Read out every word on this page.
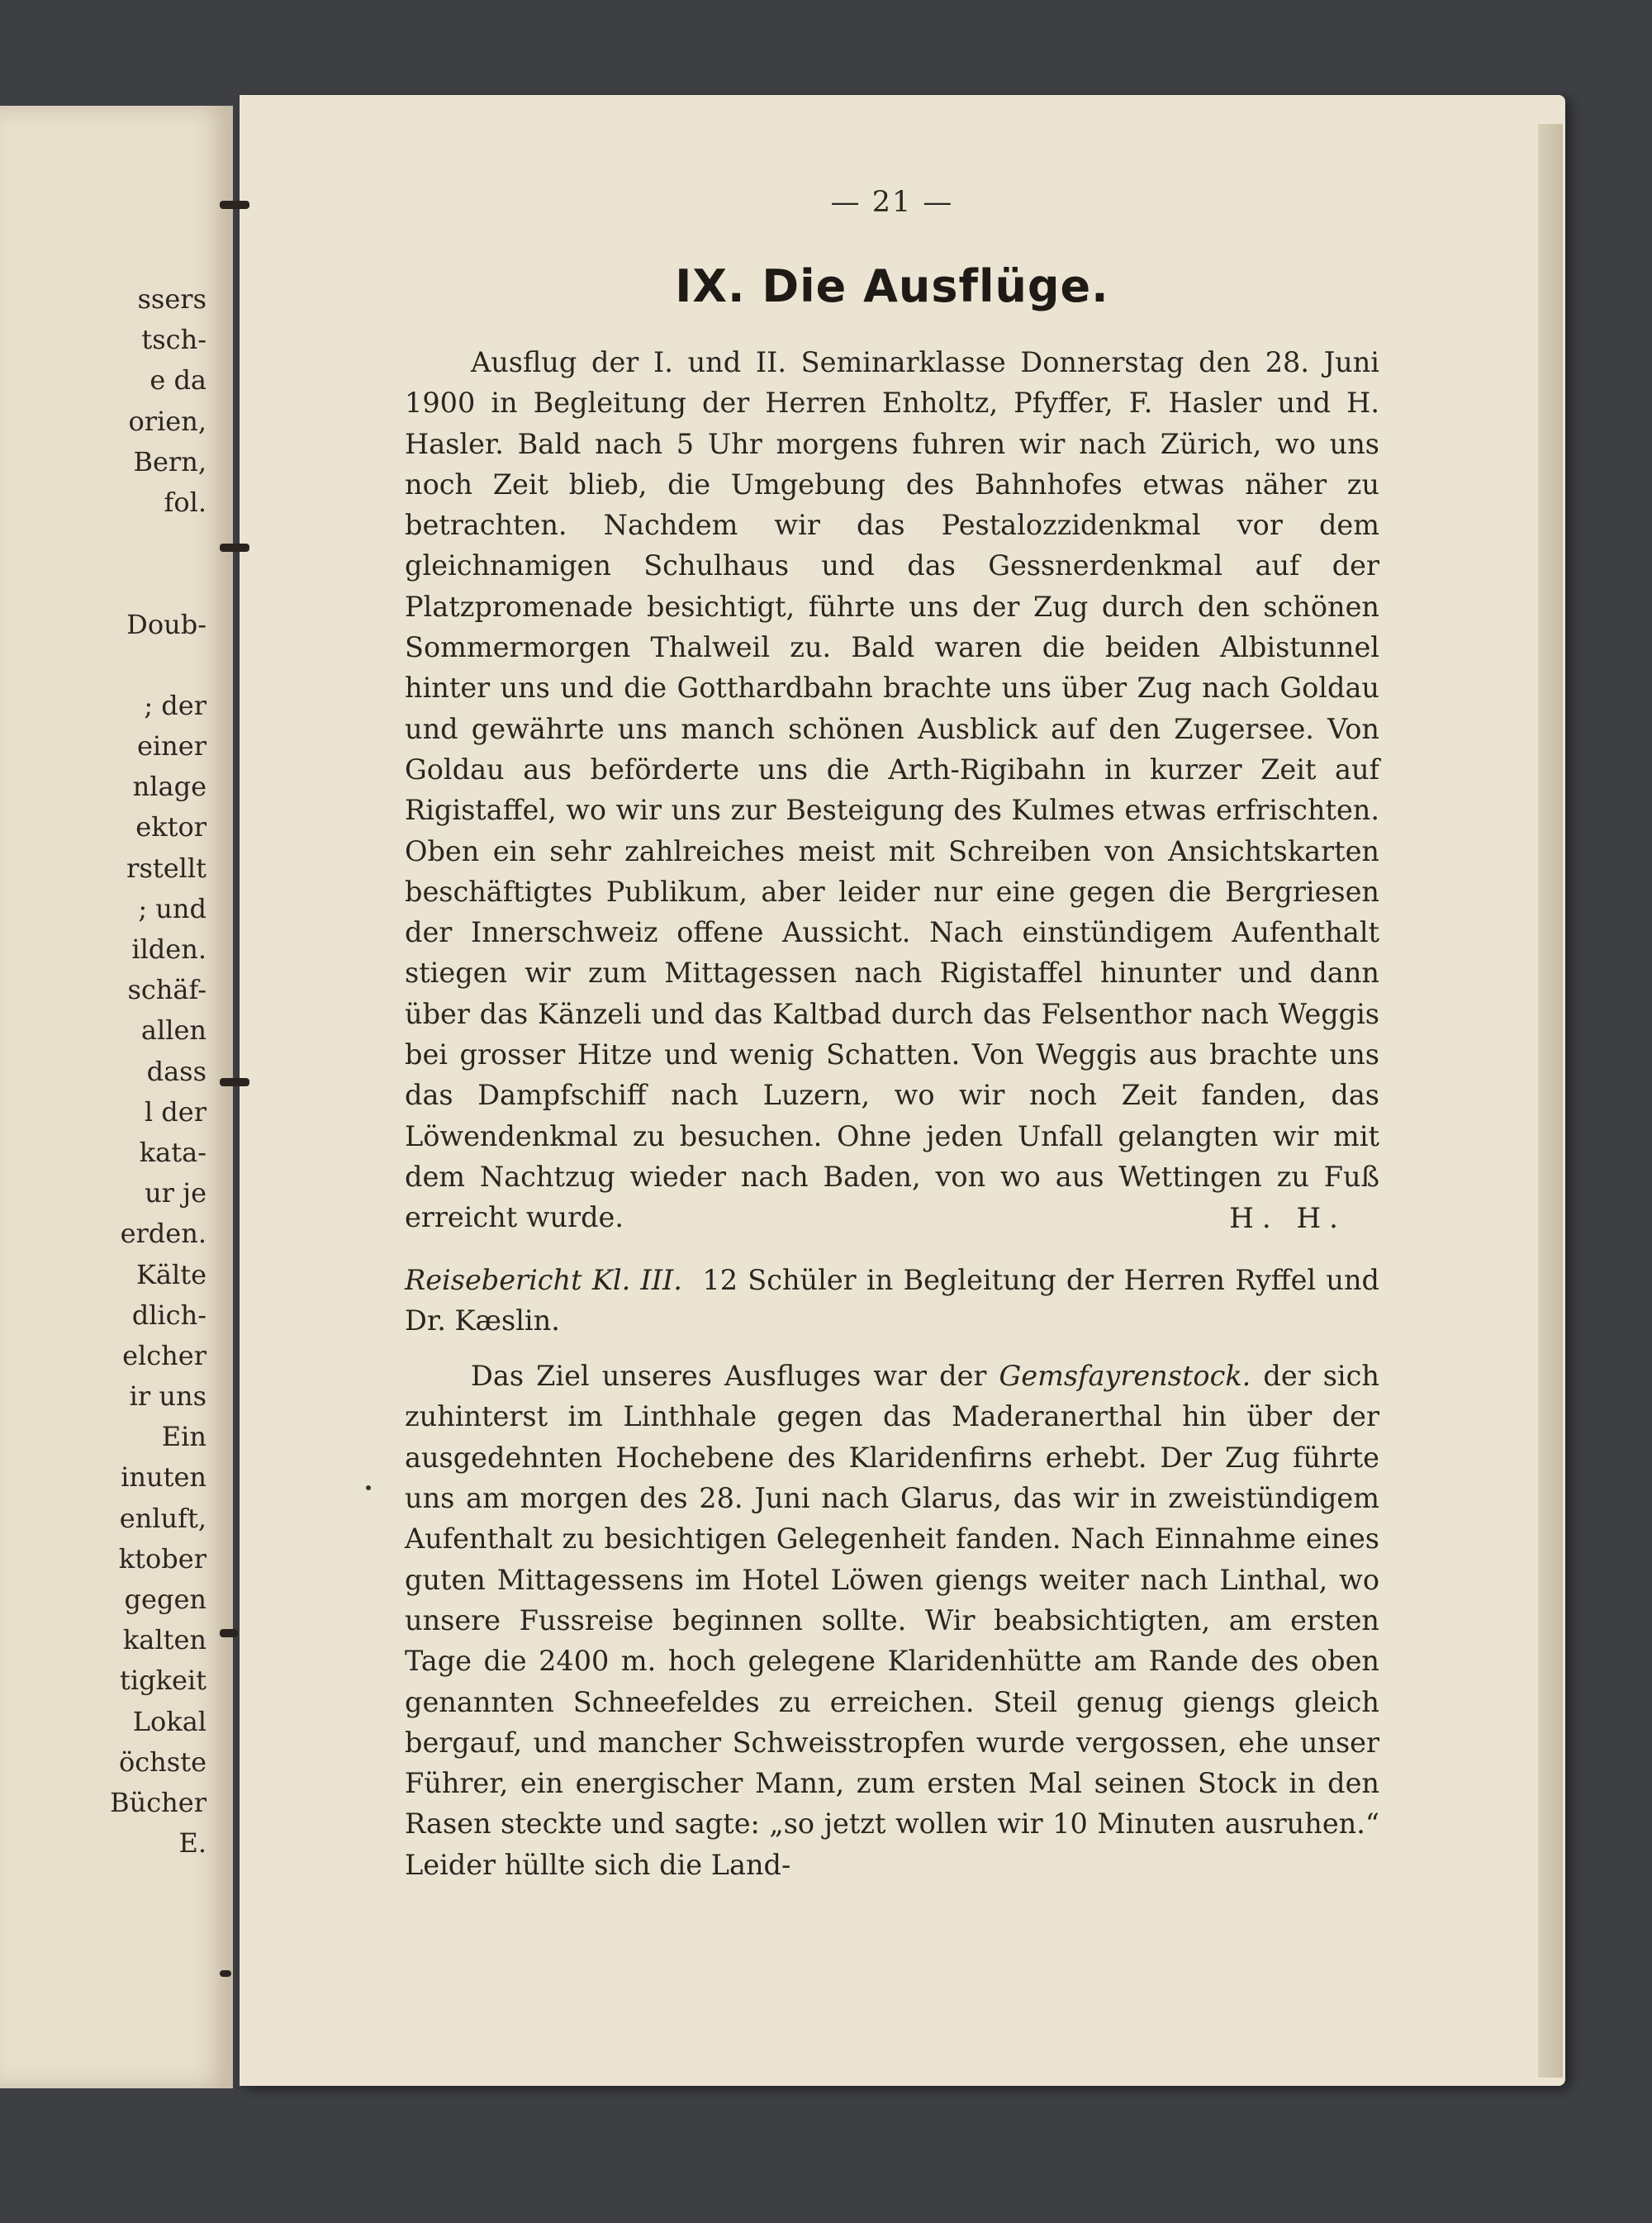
ssers
tsch-
e da
orien,
Bern,
fol.
Doub-
; der
einer
nlage
ektor
rstellt
; und
ilden.
schäf-
allen
dass
l der
kata-
ur je
erden.
Kälte
dlich-
elcher
ir uns
Ein
inuten
enluft,
ktober
gegen
kalten
tigkeit
Lokal
öchste
Bücher
E.

— 21 —

IX. Die Ausflüge.

Ausflug der I. und II. Seminarklasse Donnerstag den 28. Juni 1900 in Begleitung der Herren Enholtz, Pfyffer, F. Hasler und H. Hasler. Bald nach 5 Uhr morgens fuhren wir nach Zürich, wo uns noch Zeit blieb, die Umgebung des Bahnhofes etwas näher zu betrachten. Nachdem wir das Pestalozzidenkmal vor dem gleichnamigen Schulhaus und das Gessnerdenkmal auf der Platzpromenade besichtigt, führte uns der Zug durch den schönen Sommermorgen Thalweil zu. Bald waren die beiden Albistunnel hinter uns und die Gotthardbahn brachte uns über Zug nach Goldau und gewährte uns manch schönen Ausblick auf den Zugersee. Von Goldau aus beförderte uns die Arth-Rigibahn in kurzer Zeit auf Rigistaffel, wo wir uns zur Besteigung des Kulmes etwas erfrischten. Oben ein sehr zahlreiches meist mit Schreiben von Ansichtskarten beschäftigtes Publikum, aber leider nur eine gegen die Bergriesen der Innerschweiz offene Aussicht. Nach einstündigem Aufenthalt stiegen wir zum Mittagessen nach Rigistaffel hinunter und dann über das Känzeli und das Kaltbad durch das Felsenthor nach Weggis bei grosser Hitze und wenig Schatten. Von Weggis aus brachte uns das Dampfschiff nach Luzern, wo wir noch Zeit fanden, das Löwendenkmal zu besuchen. Ohne jeden Unfall gelangten wir mit dem Nachtzug wieder nach Baden, von wo aus Wettingen zu Fuß erreicht wurde.	H. H.

Reisebericht Kl. III. 12 Schüler in Begleitung der Herren Ryffel und Dr. Kæslin.

Das Ziel unseres Ausfluges war der Gemsfayrenstock. der sich zuhinterst im Linthhale gegen das Maderanerthal hin über der ausgedehnten Hochebene des Klaridenfirns erhebt. Der Zug führte uns am morgen des 28. Juni nach Glarus, das wir in zweistündigem Aufenthalt zu besichtigen Gelegenheit fanden. Nach Einnahme eines guten Mittagessens im Hotel Löwen giengs weiter nach Linthal, wo unsere Fussreise beginnen sollte. Wir beabsichtigten, am ersten Tage die 2400 m. hoch gelegene Klaridenhütte am Rande des oben genannten Schneefeldes zu erreichen. Steil genug giengs gleich bergauf, und mancher Schweisstropfen wurde vergossen, ehe unser Führer, ein energischer Mann, zum ersten Mal seinen Stock in den Rasen steckte und sagte: „so jetzt wollen wir 10 Minuten ausruhen.“ Leider hüllte sich die Land-
